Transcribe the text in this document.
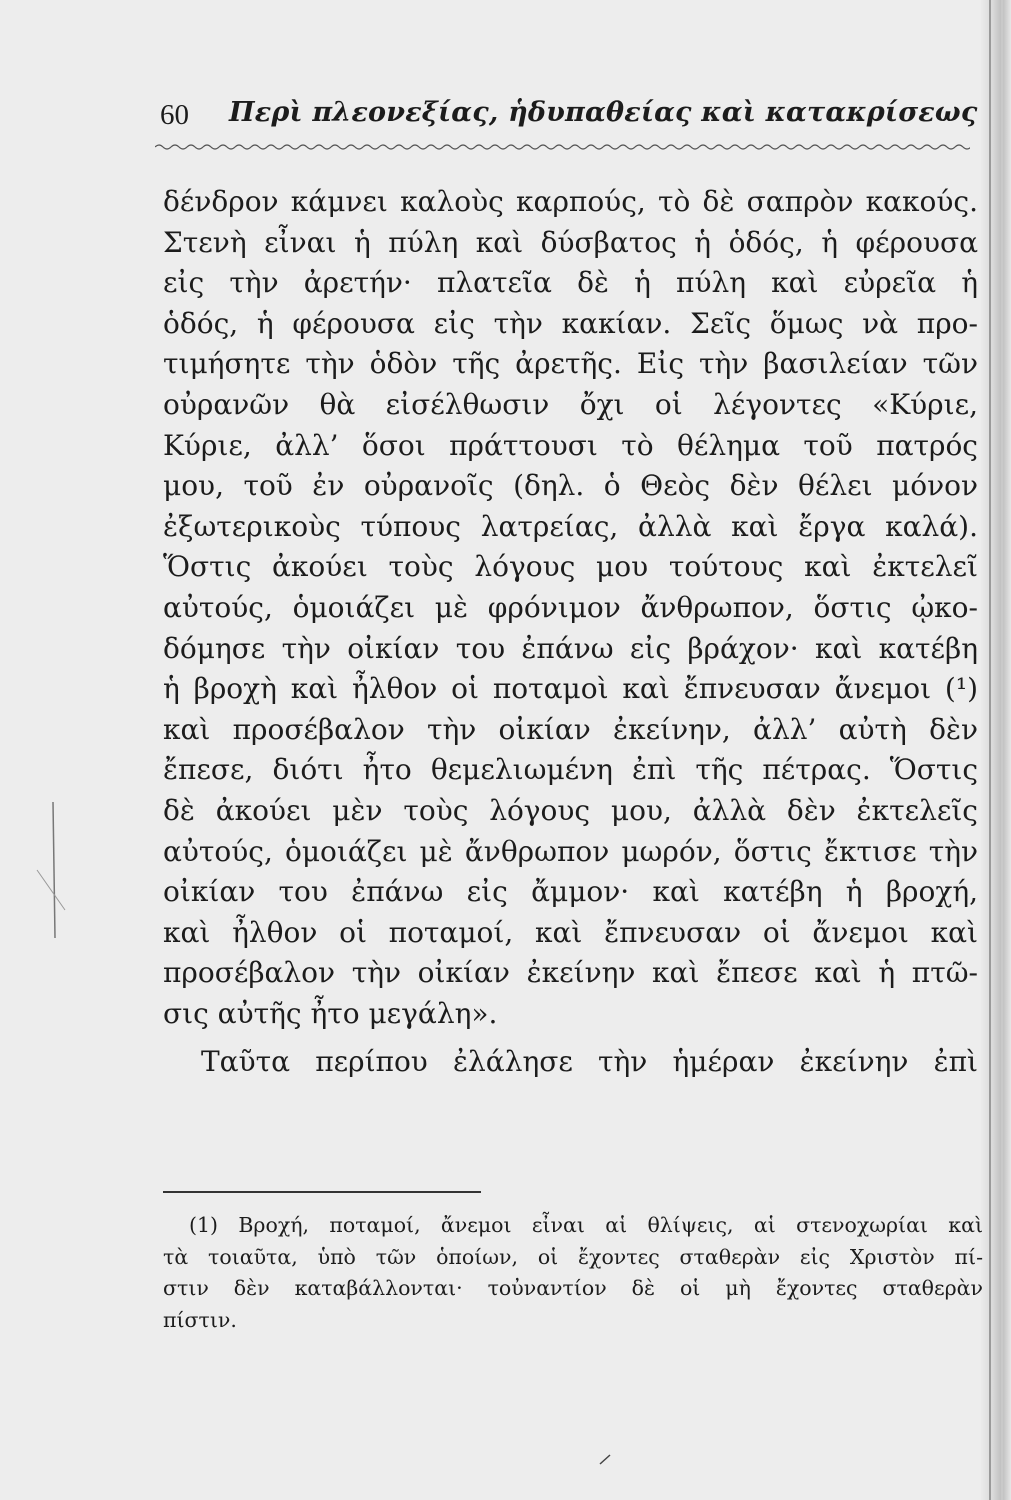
60 Περὶ πλεονεξίας, ἡδυπαθείας καὶ κατακρίσεως
δένδρον κάμνει καλοὺς καρπούς, τὸ δὲ σαπρὸν κακούς.
Στενὴ εἶναι ἡ πύλη καὶ δύσβατος ἡ ὁδός, ἡ φέρουσα
εἰς τὴν ἀρετήν· πλατεῖα δὲ ἡ πύλη καὶ εὐρεῖα ἡ
ὁδός, ἡ φέρουσα εἰς τὴν κακίαν. Σεῖς ὅμως νὰ προ-
τιμήσητε τὴν ὁδὸν τῆς ἀρετῆς. Εἰς τὴν βασιλείαν τῶν
οὐρανῶν θὰ εἰσέλθωσιν ὄχι οἱ λέγοντες «Κύριε,
Κύριε, ἀλλ’ ὅσοι πράττουσι τὸ θέλημα τοῦ πατρός
μου, τοῦ ἐν οὐρανοῖς (δηλ. ὁ Θεὸς δὲν θέλει μόνον
ἐξωτερικοὺς τύπους λατρείας, ἀλλὰ καὶ ἔργα καλά).
Ὅστις ἀκούει τοὺς λόγους μου τούτους καὶ ἐκτελεῖ
αὐτούς, ὁμοιάζει μὲ φρόνιμον ἄνθρωπον, ὅστις ᾠκο-
δόμησε τὴν οἰκίαν του ἐπάνω εἰς βράχον· καὶ κατέβη
ἡ βροχὴ καὶ ἦλθον οἱ ποταμοὶ καὶ ἔπνευσαν ἄνεμοι (¹)
καὶ προσέβαλον τὴν οἰκίαν ἐκείνην, ἀλλ’ αὐτὴ δὲν
ἔπεσε, διότι ἦτο θεμελιωμένη ἐπὶ τῆς πέτρας. Ὅστις
δὲ ἀκούει μὲν τοὺς λόγους μου, ἀλλὰ δὲν ἐκτελεῖς
αὐτούς, ὁμοιάζει μὲ ἄνθρωπον μωρόν, ὅστις ἔκτισε τὴν
οἰκίαν του ἐπάνω εἰς ἄμμον· καὶ κατέβη ἡ βροχή,
καὶ ἦλθον οἱ ποταμοί, καὶ ἔπνευσαν οἱ ἄνεμοι καὶ
προσέβαλον τὴν οἰκίαν ἐκείνην καὶ ἔπεσε καὶ ἡ πτῶ-
σις αὐτῆς ἦτο μεγάλη».
Ταῦτα περίπου ἐλάλησε τὴν ἡμέραν ἐκείνην ἐπὶ
(1) Βροχή, ποταμοί, ἄνεμοι εἶναι αἱ θλίψεις, αἱ στενοχωρίαι καὶ
τὰ τοιαῦτα, ὑπὸ τῶν ὁποίων, οἱ ἔχοντες σταθερὰν εἰς Χριστὸν πί-
στιν δὲν καταβάλλονται· τοὐναντίον δὲ οἱ μὴ ἔχοντες σταθερὰν
πίστιν.
